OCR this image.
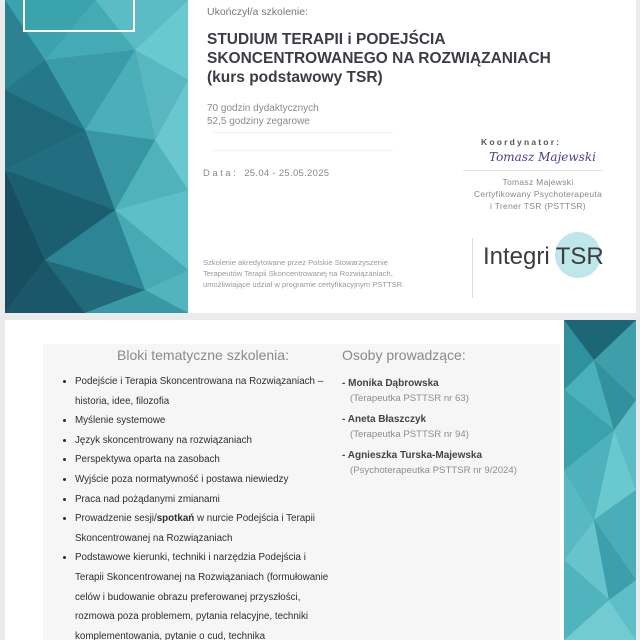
Ukończył/a szkolenie:
STUDIUM TERAPII i PODEJŚCIA
SKONCENTROWANEGO NA ROZWIĄZANIACH
(kurs podstawowy TSR)
70 godzin dydaktycznych
52,5 godziny zegarowe
Data: 25.04 - 25.05.2025
Koordynator:
Tomasz Majewski
Tomasz Majewski
Certyfikowany Psychoterapeuta
i Trener TSR (PSTTSR)
Szkolenie akredytowane przez Polskie Stowarzyszenie
Terapeutów Terapii Skoncentrowanej na Rozwiązaniach,
umożliwiające udział w programie certyfikacyjnym PSTTSR.
Integri TSR
Bloki tematyczne szkolenia:
• Podejście i Terapia Skoncentrowana na Rozwiązaniach – historia, idee, filozofia
• Myślenie systemowe
• Język skoncentrowany na rozwiązaniach
• Perspektywa oparta na zasobach
• Wyjście poza normatywność i postawa niewiedzy
• Praca nad pożądanymi zmianami
• Prowadzenie sesji/spotkań w nurcie Podejścia i Terapii Skoncentrowanej na Rozwiązaniach
• Podstawowe kierunki, techniki i narzędzia Podejścia i Terapii Skoncentrowanej na Rozwiązaniach (formułowanie celów i budowanie obrazu preferowanej przyszłości, rozmowa poza problemem, pytania relacyjne, techniki komplementowania, pytanie o cud, technika
Osoby prowadzące:
- Monika Dąbrowska
(Terapeutka PSTTSR nr 63)
- Aneta Błaszczyk
(Terapeutka PSTTSR nr 94)
- Agnieszka Turska-Majewska
(Psychoterapeutka PSTTSR nr 9/2024)
